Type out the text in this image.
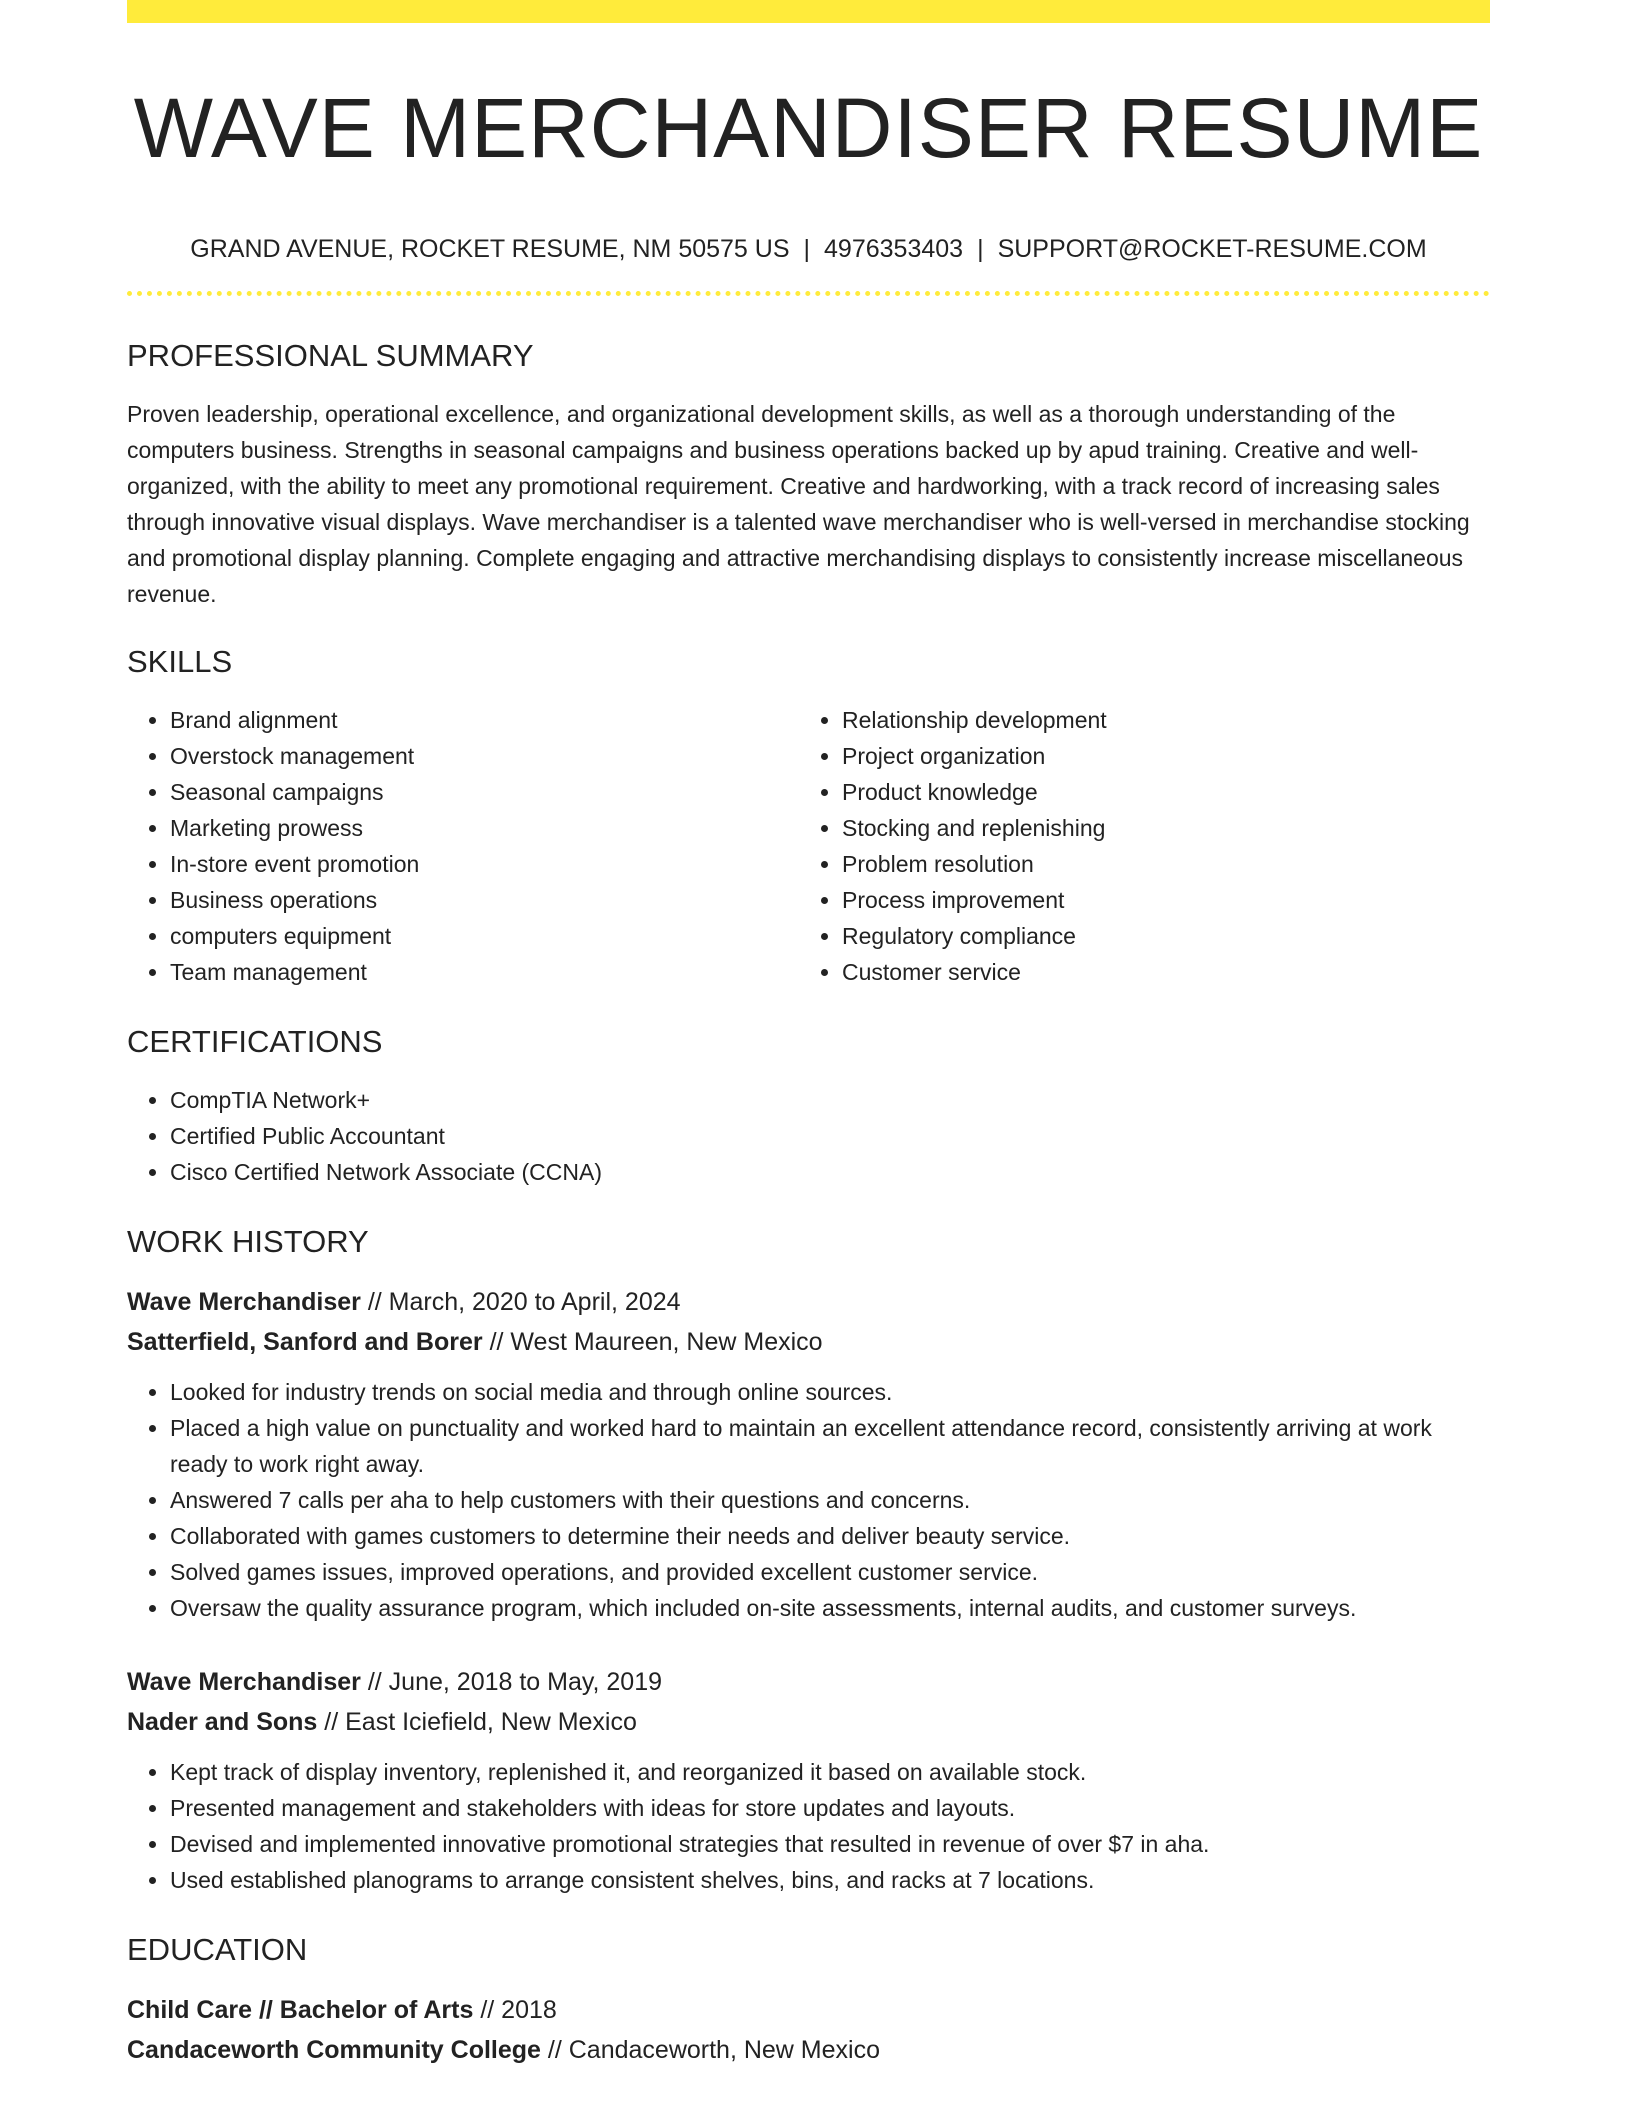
WAVE MERCHANDISER RESUME
GRAND AVENUE, ROCKET RESUME, NM 50575 US | 4976353403 | SUPPORT@ROCKET-RESUME.COM
PROFESSIONAL SUMMARY

Proven leadership, operational excellence, and organizational development skills, as well as a thorough understanding of the computers business. Strengths in seasonal campaigns and business operations backed up by apud training. Creative and well-organized, with the ability to meet any promotional requirement. Creative and hardworking, with a track record of increasing sales through innovative visual displays. Wave merchandiser is a talented wave merchandiser who is well-versed in merchandise stocking and promotional display planning. Complete engaging and attractive merchandising displays to consistently increase miscellaneous revenue.

SKILLS
• Brand alignment
• Overstock management
• Seasonal campaigns
• Marketing prowess
• In-store event promotion
• Business operations
• computers equipment
• Team management
• Relationship development
• Project organization
• Product knowledge
• Stocking and replenishing
• Problem resolution
• Process improvement
• Regulatory compliance
• Customer service
CERTIFICATIONS
• CompTIA Network+
• Certified Public Accountant
• Cisco Certified Network Associate (CCNA)
WORK HISTORY
Wave Merchandiser // March, 2020 to April, 2024
Satterfield, Sanford and Borer // West Maureen, New Mexico
• Looked for industry trends on social media and through online sources.
• Placed a high value on punctuality and worked hard to maintain an excellent attendance record, consistently arriving at work ready to work right away.
• Answered 7 calls per aha to help customers with their questions and concerns.
• Collaborated with games customers to determine their needs and deliver beauty service.
• Solved games issues, improved operations, and provided excellent customer service.
• Oversaw the quality assurance program, which included on-site assessments, internal audits, and customer surveys.
Wave Merchandiser // June, 2018 to May, 2019
Nader and Sons // East Iciefield, New Mexico
• Kept track of display inventory, replenished it, and reorganized it based on available stock.
• Presented management and stakeholders with ideas for store updates and layouts.
• Devised and implemented innovative promotional strategies that resulted in revenue of over $7 in aha.
• Used established planograms to arrange consistent shelves, bins, and racks at 7 locations.
EDUCATION
Child Care // Bachelor of Arts // 2018
Candaceworth Community College // Candaceworth, New Mexico
